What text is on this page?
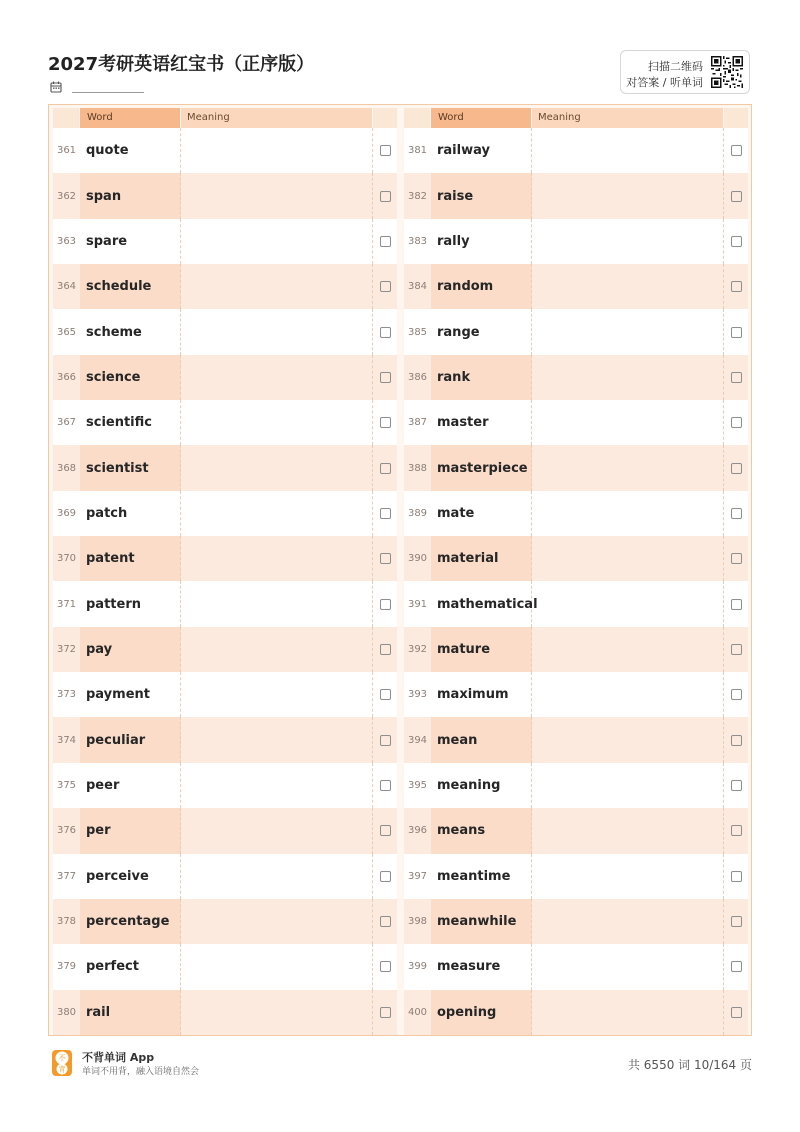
2027考研英语红宝书（正序版）	扫描二维码
对答案 / 听单词
Word	Meaning
361 quote
362 span
363 spare
364 schedule
365 scheme
366 science
367 scientific
368 scientist
369 patch
370 patent
371 pattern
372 pay
373 payment
374 peculiar
375 peer
376 per
377 perceive
378 percentage
379 perfect
380 rail
Word	Meaning
381 railway
382 raise
383 rally
384 random
385 range
386 rank
387 master
388 masterpiece
389 mate
390 material
391 mathematical
392 mature
393 maximum
394 mean
395 meaning
396 means
397 meantime
398 meanwhile
399 measure
400 opening
不
背
不背单词 App
单词不用背，融入语境自然会	共 6550 词 10/164 页
